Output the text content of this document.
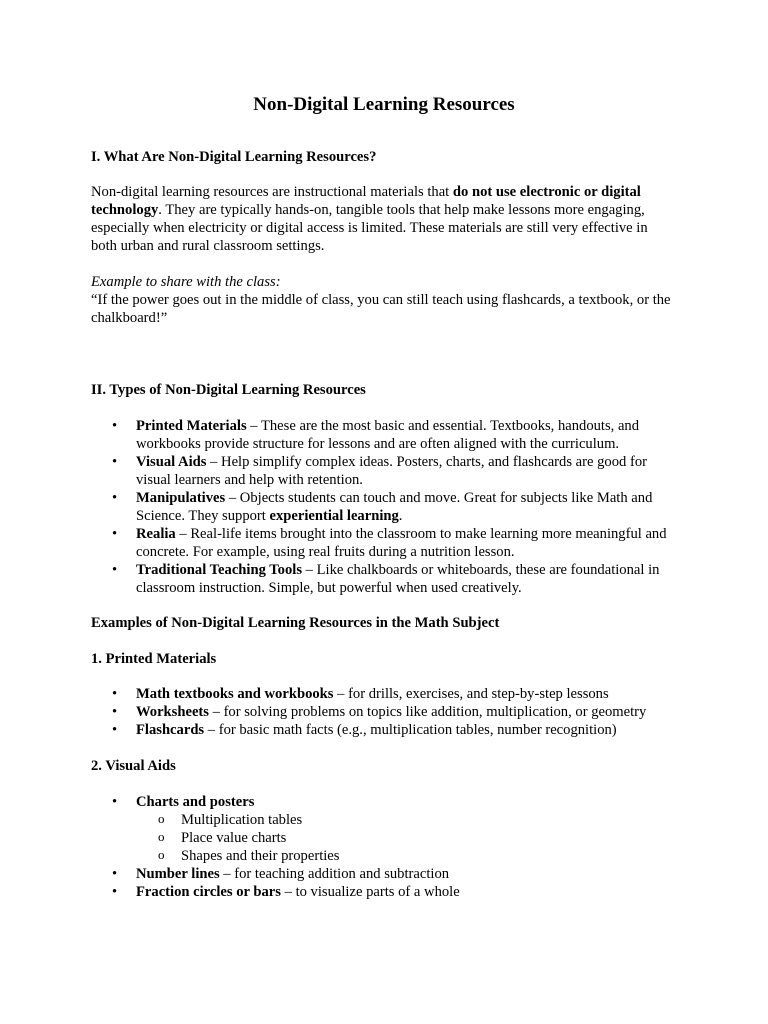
Non-Digital Learning Resources

I. What Are Non-Digital Learning Resources?

Non-digital learning resources are instructional materials that do not use electronic or digital technology. They are typically hands-on, tangible tools that help make lessons more engaging, especially when electricity or digital access is limited. These materials are still very effective in both urban and rural classroom settings.

Example to share with the class:
“If the power goes out in the middle of class, you can still teach using flashcards, a textbook, or the chalkboard!”

II. Types of Non-Digital Learning Resources

• Printed Materials – These are the most basic and essential. Textbooks, handouts, and workbooks provide structure for lessons and are often aligned with the curriculum.
• Visual Aids – Help simplify complex ideas. Posters, charts, and flashcards are good for visual learners and help with retention.
• Manipulatives – Objects students can touch and move. Great for subjects like Math and Science. They support experiential learning.
• Realia – Real-life items brought into the classroom to make learning more meaningful and concrete. For example, using real fruits during a nutrition lesson.
• Traditional Teaching Tools – Like chalkboards or whiteboards, these are foundational in classroom instruction. Simple, but powerful when used creatively.

Examples of Non-Digital Learning Resources in the Math Subject

1. Printed Materials

• Math textbooks and workbooks – for drills, exercises, and step-by-step lessons
• Worksheets – for solving problems on topics like addition, multiplication, or geometry
• Flashcards – for basic math facts (e.g., multiplication tables, number recognition)

2. Visual Aids

• Charts and posters
o Multiplication tables
o Place value charts
o Shapes and their properties
• Number lines – for teaching addition and subtraction
• Fraction circles or bars – to visualize parts of a whole
